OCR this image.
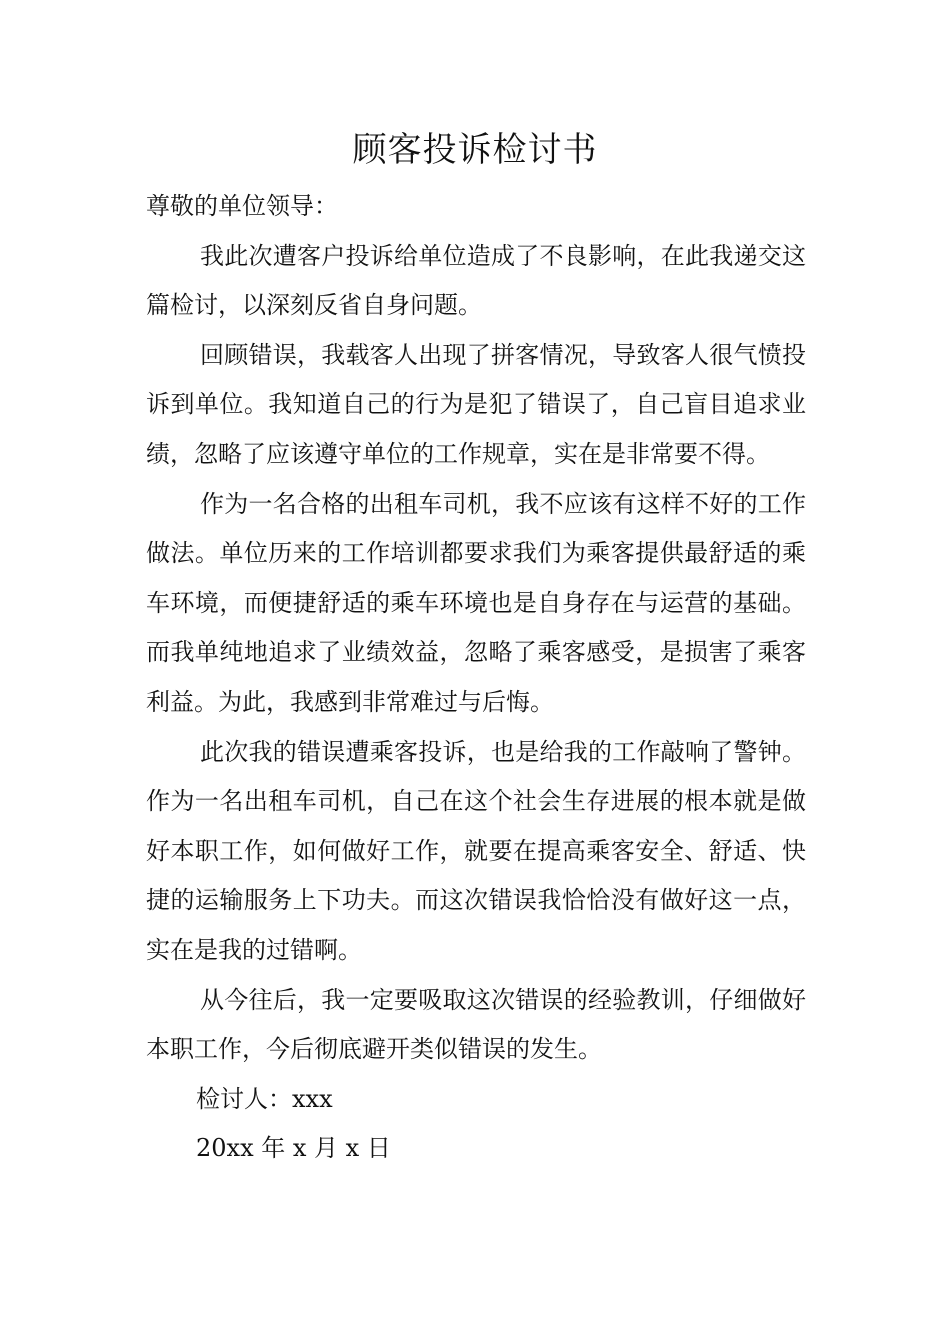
顾客投诉检讨书

尊敬的单位领导：

我此次遭客户投诉给单位造成了不良影响，在此我递交这篇检讨，以深刻反省自身问题。

回顾错误，我载客人出现了拼客情况，导致客人很气愤投诉到单位。我知道自己的行为是犯了错误了，自己盲目追求业绩，忽略了应该遵守单位的工作规章，实在是非常要不得。

作为一名合格的出租车司机，我不应该有这样不好的工作做法。单位历来的工作培训都要求我们为乘客提供最舒适的乘车环境，而便捷舒适的乘车环境也是自身存在与运营的基础。而我单纯地追求了业绩效益，忽略了乘客感受，是损害了乘客利益。为此，我感到非常难过与后悔。

此次我的错误遭乘客投诉，也是给我的工作敲响了警钟。作为一名出租车司机，自己在这个社会生存进展的根本就是做好本职工作，如何做好工作，就要在提高乘客安全、舒适、快捷的运输服务上下功夫。而这次错误我恰恰没有做好这一点，实在是我的过错啊。

从今往后，我一定要吸取这次错误的经验教训，仔细做好本职工作，今后彻底避开类似错误的发生。

检讨人：xxx

20xx 年 x 月 x 日
